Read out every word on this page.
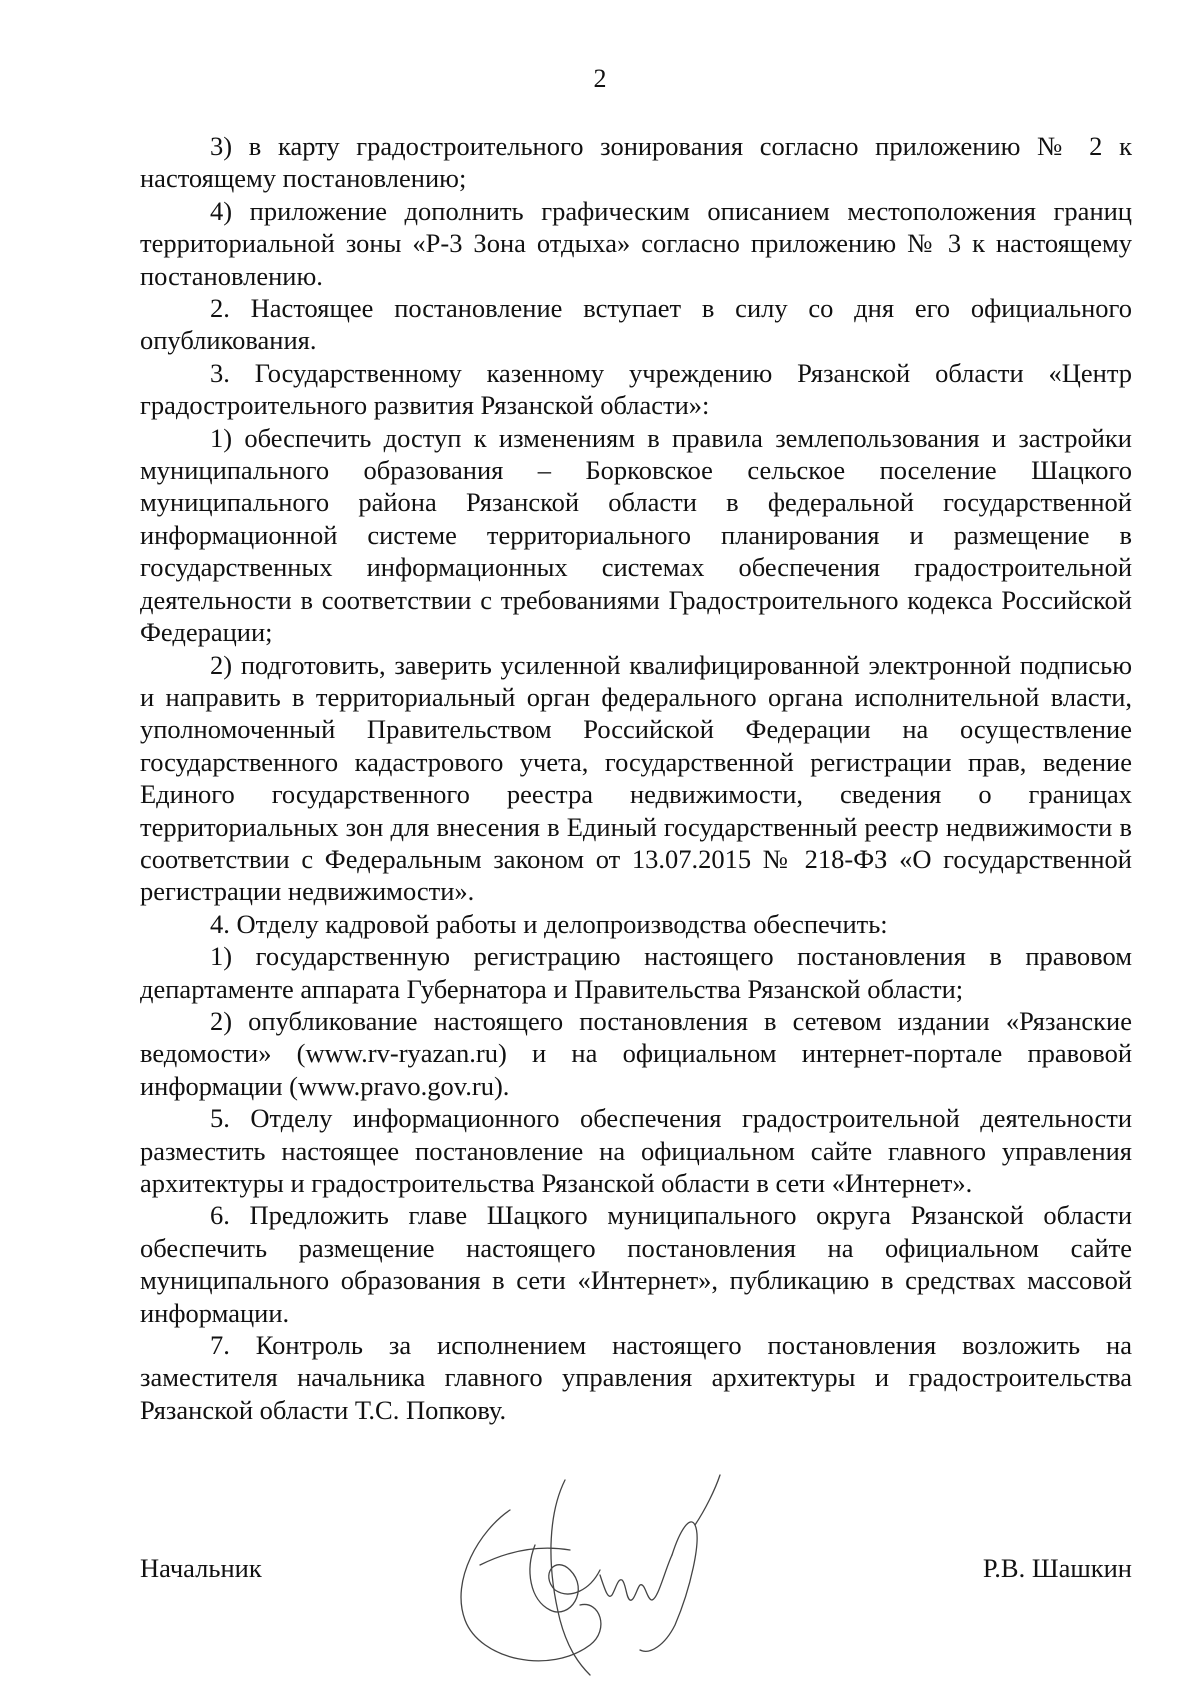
2

3) в карту градостроительного зонирования согласно приложению № 2 к настоящему постановлению;

4) приложение дополнить графическим описанием местоположения границ территориальной зоны «Р-3 Зона отдыха» согласно приложению № 3 к настоящему постановлению.

2. Настоящее постановление вступает в силу со дня его официального опубликования.

3. Государственному казенному учреждению Рязанской области «Центр градостроительного развития Рязанской области»:

1) обеспечить доступ к изменениям в правила землепользования и застройки муниципального образования – Борковское сельское поселение Шацкого муниципального района Рязанской области в федеральной государственной информационной системе территориального планирования и размещение в государственных информационных системах обеспечения градостроительной деятельности в соответствии с требованиями Градостроительного кодекса Российской Федерации;

2) подготовить, заверить усиленной квалифицированной электронной подписью и направить в территориальный орган федерального органа исполнительной власти, уполномоченный Правительством Российской Федерации на осуществление государственного кадастрового учета, государственной регистрации прав, ведение Единого государственного реестра недвижимости, сведения о границах территориальных зон для внесения в Единый государственный реестр недвижимости в соответствии с Федеральным законом от 13.07.2015 № 218-ФЗ «О государственной регистрации недвижимости».

4. Отделу кадровой работы и делопроизводства обеспечить:

1) государственную регистрацию настоящего постановления в правовом департаменте аппарата Губернатора и Правительства Рязанской области;

2) опубликование настоящего постановления в сетевом издании «Рязанские ведомости» (www.rv-ryazan.ru) и на официальном интернет-портале правовой информации (www.pravo.gov.ru).

5. Отделу информационного обеспечения градостроительной деятельности разместить настоящее постановление на официальном сайте главного управления архитектуры и градостроительства Рязанской области в сети «Интернет».

6. Предложить главе Шацкого муниципального округа Рязанской области обеспечить размещение настоящего постановления на официальном сайте муниципального образования в сети «Интернет», публикацию в средствах массовой информации.

7. Контроль за исполнением настоящего постановления возложить на заместителя начальника главного управления архитектуры и градостроительства Рязанской области Т.С. Попкову.

Начальник	Р.В. Шашкин
